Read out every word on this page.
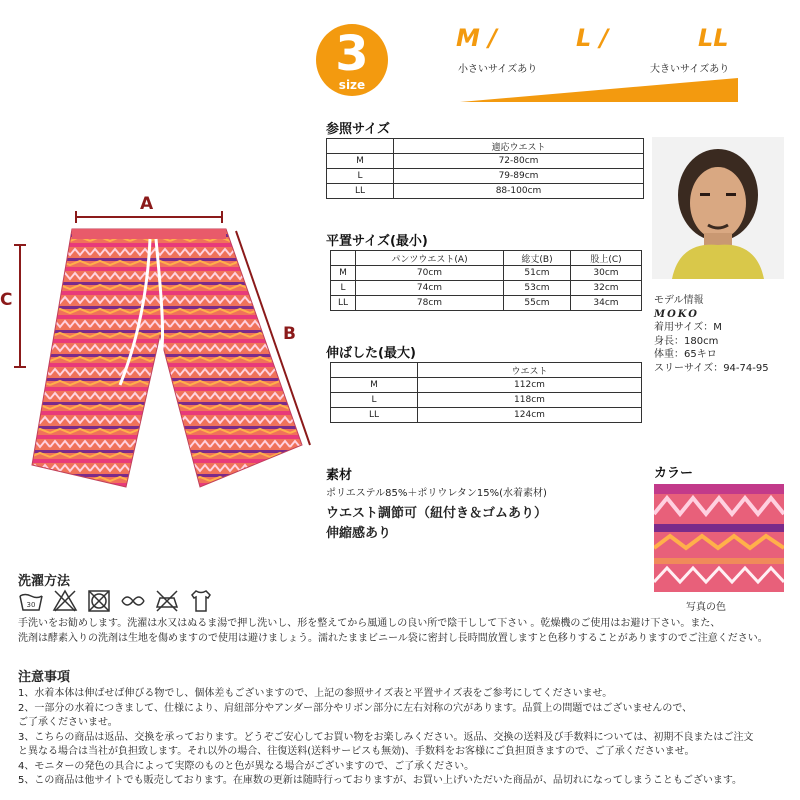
3
size
M /	L /	LL
小さいサイズあり	大きいサイズあり
A
C
B
参照サイズ
	適応ウエスト
M	72-80cm
L	79-89cm
LL	88-100cm
平置サイズ(最小)
	パンツウエスト(A)	総丈(B)	股上(C)
M	70cm	51cm	30cm
L	74cm	53cm	32cm
LL	78cm	55cm	34cm
伸ばした(最大)
	ウエスト
M	112cm
L	118cm
LL	124cm
モデル情報
MOKO
着用サイズ：M
身長：180cm
体重：65キロ
スリーサイズ：94-74-95
素材
ポリエステル85%＋ポリウレタン15%(水着素材)
ウエスト調節可（紐付き＆ゴムあり）
伸縮感あり
カラー
写真の色
洗濯方法
30
手洗いをお勧めします。洗濯は水又はぬるま湯で押し洗いし、形を整えてから風通しの良い所で陰干しして下さい 。乾燥機のご使用はお避け下さい。また、
洗剤は酵素入りの洗剤は生地を傷めますので使用は避けましょう。濡れたままビニール袋に密封し長時間放置しますと色移りすることがありますのでご注意ください。
注意事項
1、水着本体は伸ばせば伸びる物でし、個体差もございますので、上記の参照サイズ表と平置サイズ表をご参考にしてくださいませ。
2、一部分の水着につきまして、仕様により、肩紐部分やアンダー部分やリボン部分に左右対称の穴があります。品質上の問題ではございませんので、
ご了承くださいませ。
3、こちらの商品は返品、交換を承っております。どうぞご安心してお買い物をお楽しみください。返品、交換の送料及び手数料については、初期不良またはご注文
と異なる場合は当社が負担致します。それ以外の場合、往復送料(送料サービスも無効)、手数料をお客様にご負担頂きますので、ご了承くださいませ。
4、モニターの発色の具合によって実際のものと色が異なる場合がございますので、ご了承ください。
5、この商品は他サイトでも販売しております。在庫数の更新は随時行っておりますが、お買い上げいただいた商品が、品切れになってしまうこともございます。
